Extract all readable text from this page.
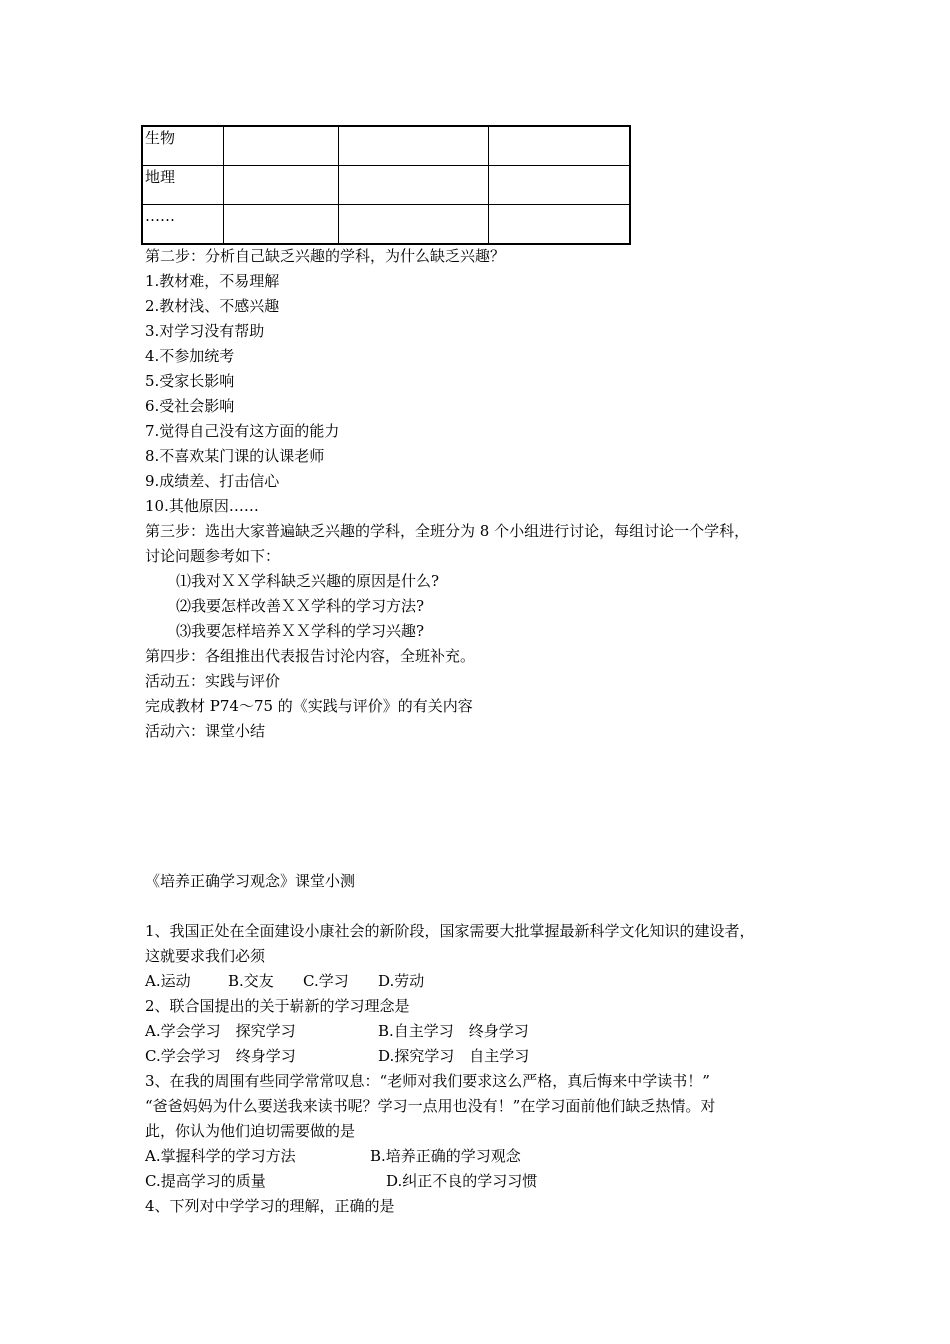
生物			
地理			
……			
第二步：分析自己缺乏兴趣的学科，为什么缺乏兴趣？
1.教材难，不易理解
2.教材浅、不感兴趣
3.对学习没有帮助
4.不参加统考
5.受家长影响
6.受社会影响
7.觉得自己没有这方面的能力
8.不喜欢某门课的认课老师
9.成绩差、打击信心
10.其他原因……
第三步：选出大家普遍缺乏兴趣的学科，全班分为 8 个小组进行讨论，每组讨论一个学科，
讨论问题参考如下：
⑴我对ＸＸ学科缺乏兴趣的原因是什么?
⑵我要怎样改善ＸＸ学科的学习方法?
⑶我要怎样培养ＸＸ学科的学习兴趣?
第四步：各组推出代表报告讨沦内容，全班补充。
活动五：实践与评价
完成教材 P74～75 的《实践与评价》的有关内容
活动六：课堂小结
《培养正确学习观念》课堂小测
1、我国正处在全面建设小康社会的新阶段，国家需要大批掌握最新科学文化知识的建设者，
这就要求我们必须
A.运动 B.交友 C.学习 D.劳动
2、联合国提出的关于崭新的学习理念是
A.学会学习　探究学习	B.自主学习　终身学习
C.学会学习　终身学习	D.探究学习　自主学习
3、在我的周围有些同学常常叹息：“老师对我们要求这么严格，真后悔来中学读书！”
“爸爸妈妈为什么要送我来读书呢？学习一点用也没有！”在学习面前他们缺乏热情。对
此，你认为他们迫切需要做的是
A.掌握科学的学习方法	B.培养正确的学习观念
C.提高学习的质量	D.纠正不良的学习习惯
4、下列对中学学习的理解，正确的是
